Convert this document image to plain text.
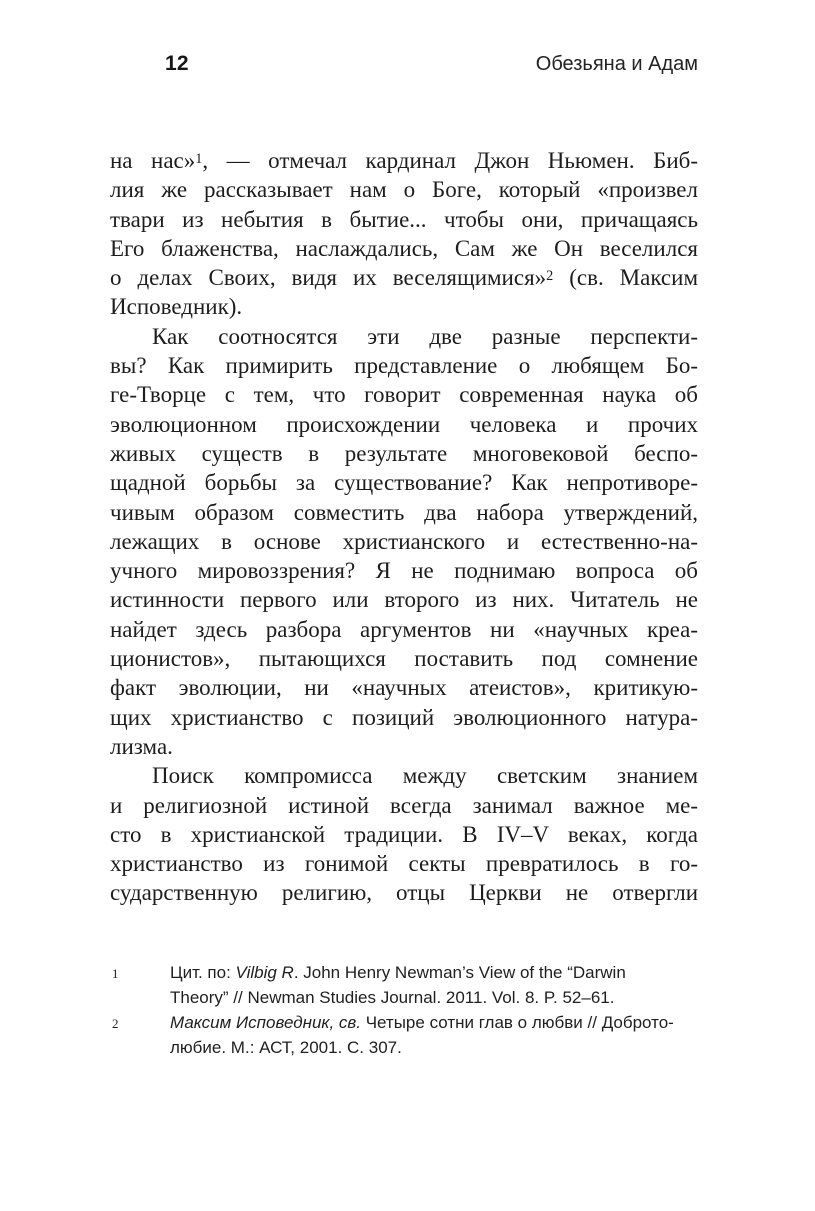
12	Обезьяна и Адам
на нас»$^1$, — отмечал кардинал Джон Ньюмен. Биб-
лия же рассказывает нам о Боге, который «произвел
твари из небытия в бытие... чтобы они, причащаясь
Его блаженства, наслаждались, Сам же Он веселился
о делах Своих, видя их веселящимися»$^2$ (св. Максим
Исповедник).
Как соотносятся эти две разные перспекти-
вы? Как примирить представление о любящем Бо-
ге-Творце с тем, что говорит современная наука об
эволюционном происхождении человека и прочих
живых существ в результате многовековой беспо-
щадной борьбы за существование? Как непротиворе-
чивым образом совместить два набора утверждений,
лежащих в основе христианского и естественно-на-
учного мировоззрения? Я не поднимаю вопроса об
истинности первого или второго из них. Читатель не
найдет здесь разбора аргументов ни «научных креа-
ционистов», пытающихся поставить под сомнение
факт эволюции, ни «научных атеистов», критикую-
щих христианство с позиций эволюционного натура-
лизма.
Поиск компромисса между светским знанием
и религиозной истиной всегда занимал важное ме-
сто в христианской традиции. В IV–V веках, когда
христианство из гонимой секты превратилось в го-
сударственную религию, отцы Церкви не отвергли
1	Цит. по: Vilbig R. John Henry Newman’s View of the “Darwin
Theory” // Newman Studies Journal. 2011. Vol. 8. P. 52–61.
2	Максим Исповедник, св. Четыре сотни глав о любви // Доброто-
любие. М.: АСТ, 2001. С. 307.
